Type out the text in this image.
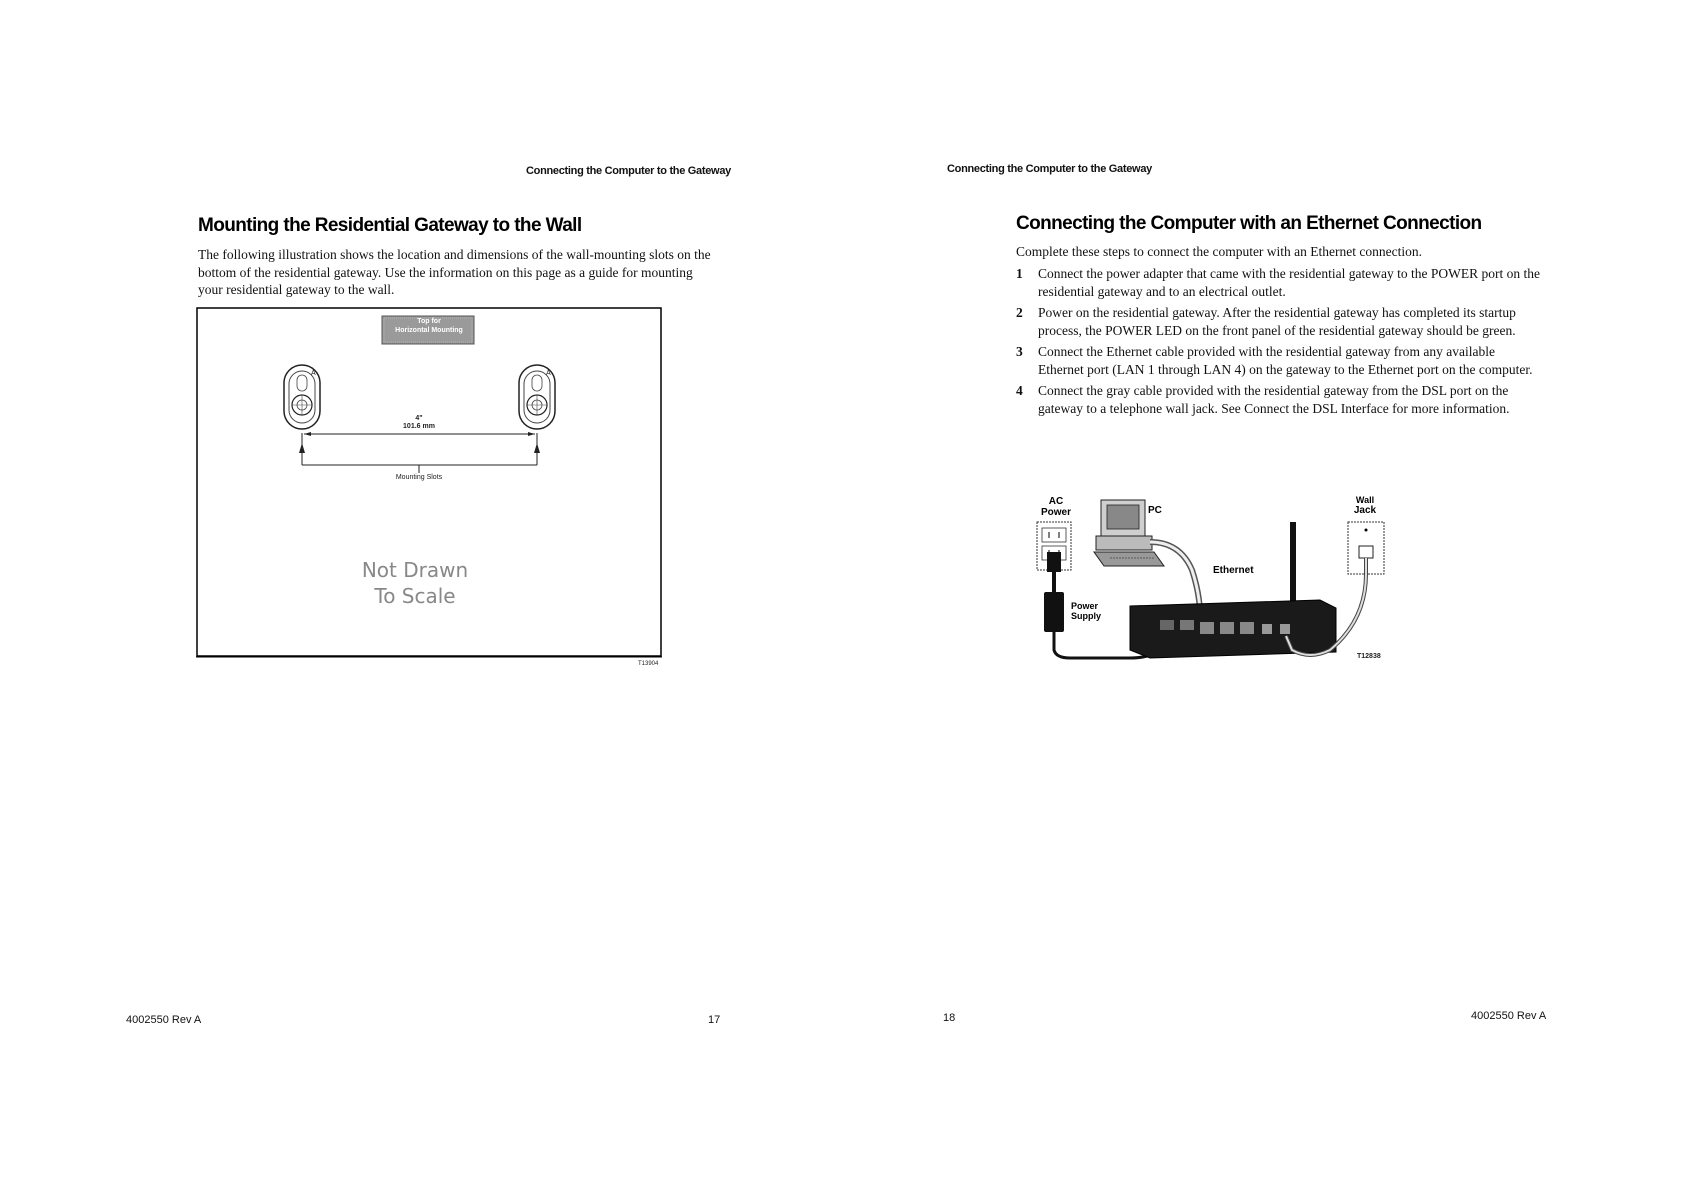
Connecting the Computer to the Gateway
Mounting the Residential Gateway to the Wall
The following illustration shows the location and dimensions of the wall-mounting slots on the bottom of the residential gateway. Use the information on this page as a guide for mounting your residential gateway to the wall.
A	A
Top for
Horizontal Mounting
4"
101.6 mm
Mounting Slots
Not Drawn
To Scale
T13904
4002550 Rev A	17
Connecting the Computer to the Gateway
Connecting the Computer with an Ethernet Connection
Complete these steps to connect the computer with an Ethernet connection.
1 Connect the power adapter that came with the residential gateway to the POWER port on the residential gateway and to an electrical outlet.
2 Power on the residential gateway. After the residential gateway has completed its startup process, the POWER LED on the front panel of the residential gateway should be green.
3 Connect the Ethernet cable provided with the residential gateway from any available Ethernet port (LAN 1 through LAN 4) on the gateway to the Ethernet port on the computer.
4 Connect the gray cable provided with the residential gateway from the DSL port on the gateway to a telephone wall jack. See Connect the DSL Interface for more information.
AC
Power	PC
Wall
Jack
Ethernet
Power
Supply
T12838
18	4002550 Rev A
